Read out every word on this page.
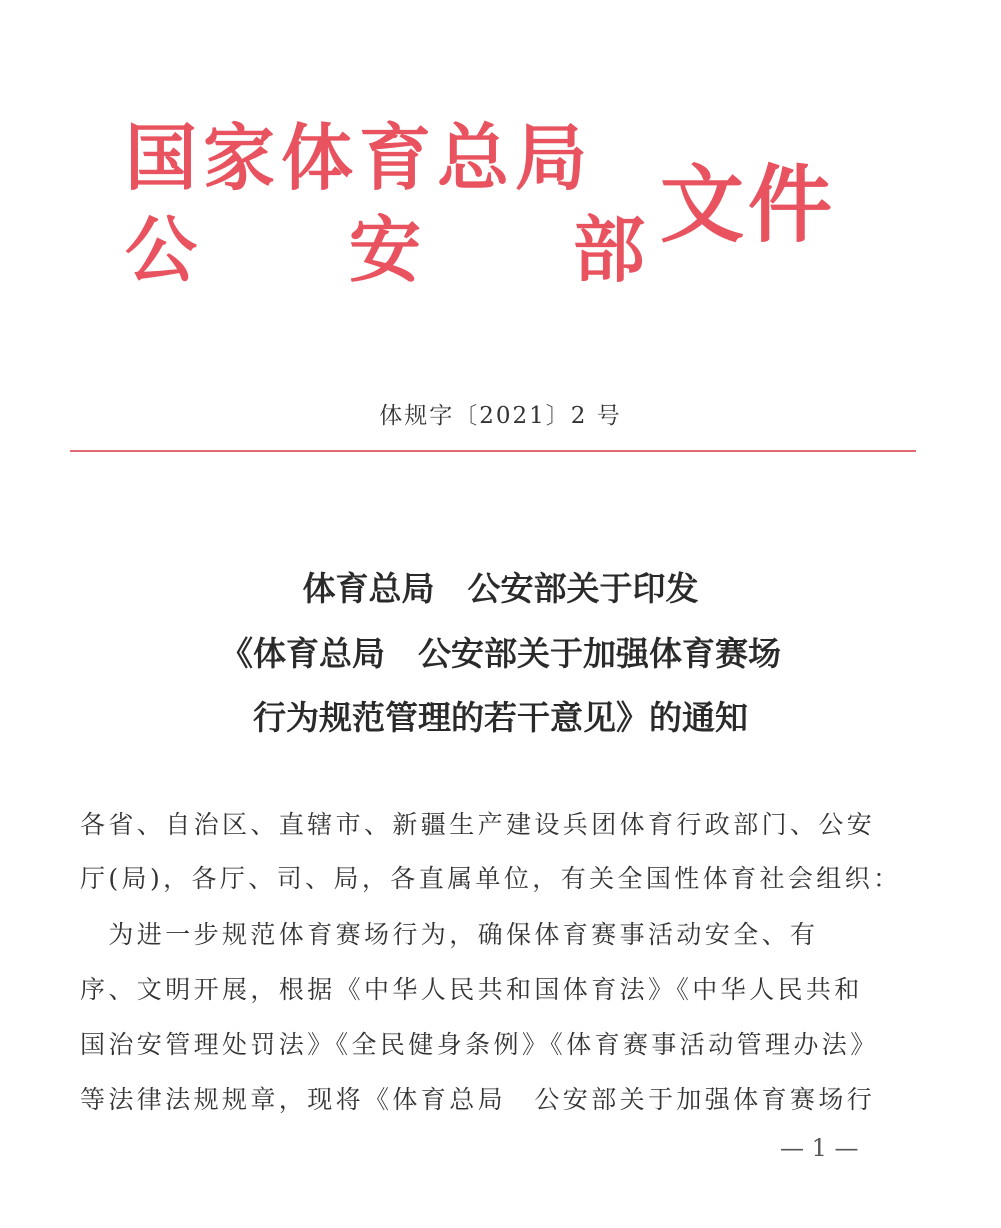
国家体育总局
公 安 部 文件
体规字〔2021〕2 号
体育总局　公安部关于印发
《体育总局　公安部关于加强体育赛场
行为规范管理的若干意见》的通知
各省、自治区、直辖市、新疆生产建设兵团体育行政部门、公安
厅(局)，各厅、司、局，各直属单位，有关全国性体育社会组织：
　为进一步规范体育赛场行为，确保体育赛事活动安全、有
序、文明开展，根据《中华人民共和国体育法》《中华人民共和
国治安管理处罚法》《全民健身条例》《体育赛事活动管理办法》
等法律法规规章，现将《体育总局　公安部关于加强体育赛场行
— 1 —
